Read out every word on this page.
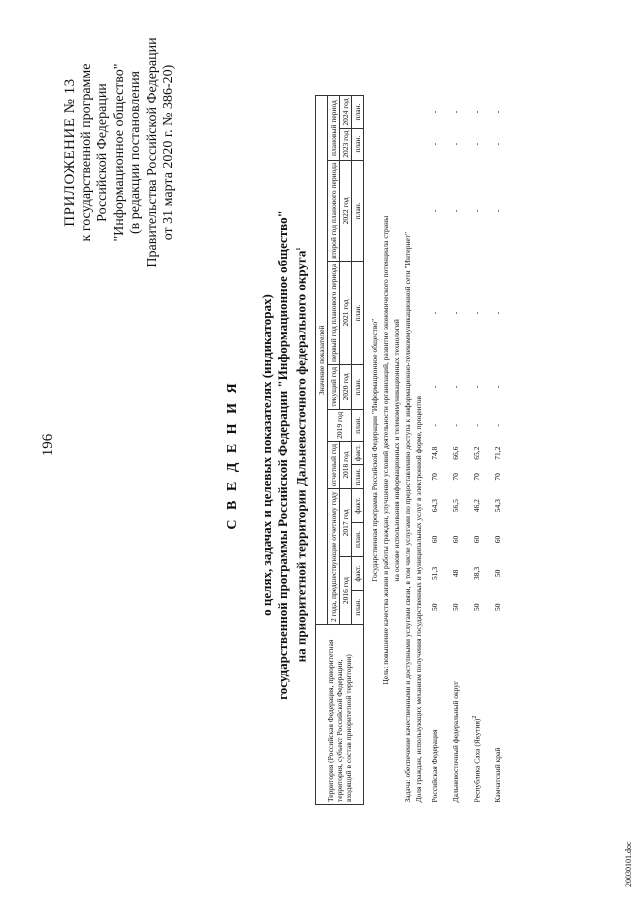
196
ПРИЛОЖЕНИЕ № 13 к государственной программе Российской Федерации "Информационное общество" (в редакции постановления Правительства Российской Федерации от 31 марта 2020 г. № 386-20)
С В Е Д Е Н И Я о целях, задачах и целевых показателях (индикаторах) государственной программы Российской Федерации "Информационное общество" на приоритетной территории Дальневосточного федерального округа$^1$
Территория (Российская Федерация, приоритетная территория, субъект Российской Федерации, входящий в состав приоритетной территории)	Значение показателей											
	2 года, предшествующие отчетному году				отчетный год		2019 год	текущий год	первый год планового периода	второй год планового периода	плановый период	
	2016 год		2017 год		2018 год			2020 год	2021 год	2022 год	2023 год	2024 год
	план.	факт.	план.	факт.	план.	факт.	план.	план.	план.	план.	план.	план.
Государственная программа Российской Федерации "Информационное общество"												
Цель: повышение качества жизни и работы граждан, улучшение условий деятельности организаций, развитие экономического потенциала страны												
на основе использования информационных и телекоммуникационных технологий												
Задача: обеспечение качественными и доступными услугами связи, в том числе услугами по предоставлению доступа к информационно-телекоммуникационной сети "Интернет"												
Доля граждан, использующих механизм получения государственных и муниципальных услуг в электронной форме, процентов												
Российская Федерация	50	51,3	60	64,3	70	74,8	-	-	-	-	-	-
Дальневосточный федеральный округ	50	48	60	56,5	70	66,6	-	-	-	-	-	-
Республика Саха (Якутия)$^2$	50	38,3	60	46,2	70	65,2	-	-	-	-	-	-
Камчатский край	50	50	60	54,3	70	71,2	-	-	-	-	-	-
20030101.doc
